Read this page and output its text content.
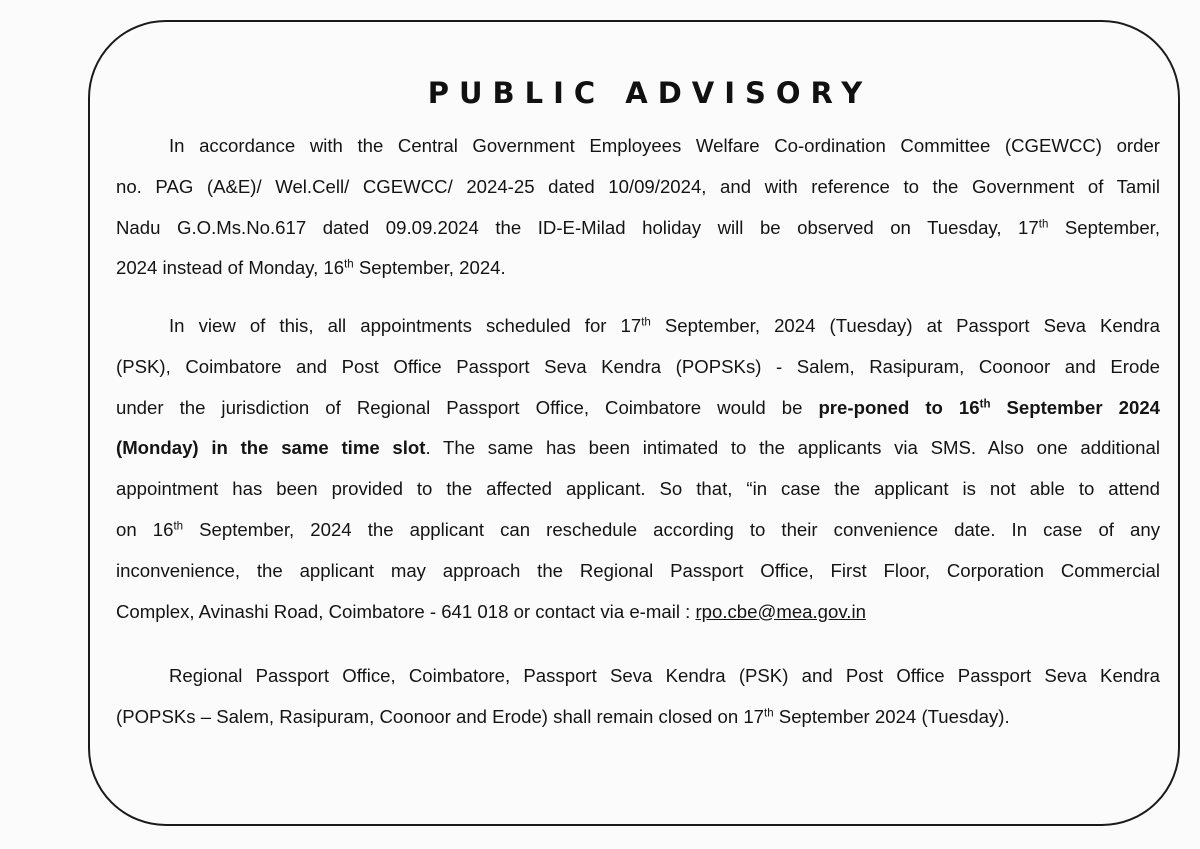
PUBLIC ADVISORY
In accordance with the Central Government Employees Welfare Co-ordination Committee (CGEWCC) order
no. PAG (A&E)/ Wel.Cell/ CGEWCC/ 2024-25 dated 10/09/2024, and with reference to the Government of Tamil
Nadu G.O.Ms.No.617 dated 09.09.2024 the ID-E-Milad holiday will be observed on Tuesday, 17th September,
2024 instead of Monday, 16th September, 2024.
In view of this, all appointments scheduled for 17th September, 2024 (Tuesday) at Passport Seva Kendra
(PSK), Coimbatore and Post Office Passport Seva Kendra (POPSKs) - Salem, Rasipuram, Coonoor and Erode
under the jurisdiction of Regional Passport Office, Coimbatore would be pre-poned to 16th September 2024
(Monday) in the same time slot. The same has been intimated to the applicants via SMS. Also one additional
appointment has been provided to the affected applicant. So that, “in case the applicant is not able to attend
on 16th September, 2024 the applicant can reschedule according to their convenience date. In case of any
inconvenience, the applicant may approach the Regional Passport Office, First Floor, Corporation Commercial
Complex, Avinashi Road, Coimbatore - 641 018 or contact via e-mail : rpo.cbe@mea.gov.in
Regional Passport Office, Coimbatore, Passport Seva Kendra (PSK) and Post Office Passport Seva Kendra
(POPSKs – Salem, Rasipuram, Coonoor and Erode) shall remain closed on 17th September 2024 (Tuesday).
